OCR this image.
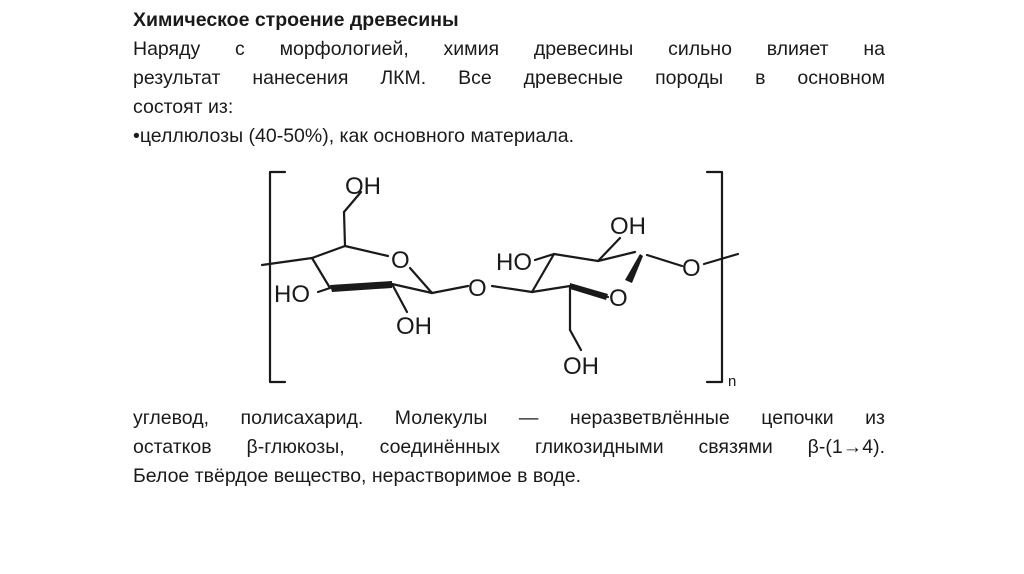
Химическое строение древесины

Наряду с морфологией, химия древесины сильно влияет на

результат нанесения ЛКМ. Все древесные породы в основном

состоят из:

•целлюлозы (40-50%), как основного материала.

OH
O
HO
OH
O
HO
OH
O
O
OH
n

углевод, полисахарид. Молекулы — неразветвлённые цепочки из

остатков β-глюкозы, соединённых гликозидными связями β-(1→4).

Белое твёрдое вещество, нерастворимое в воде.
